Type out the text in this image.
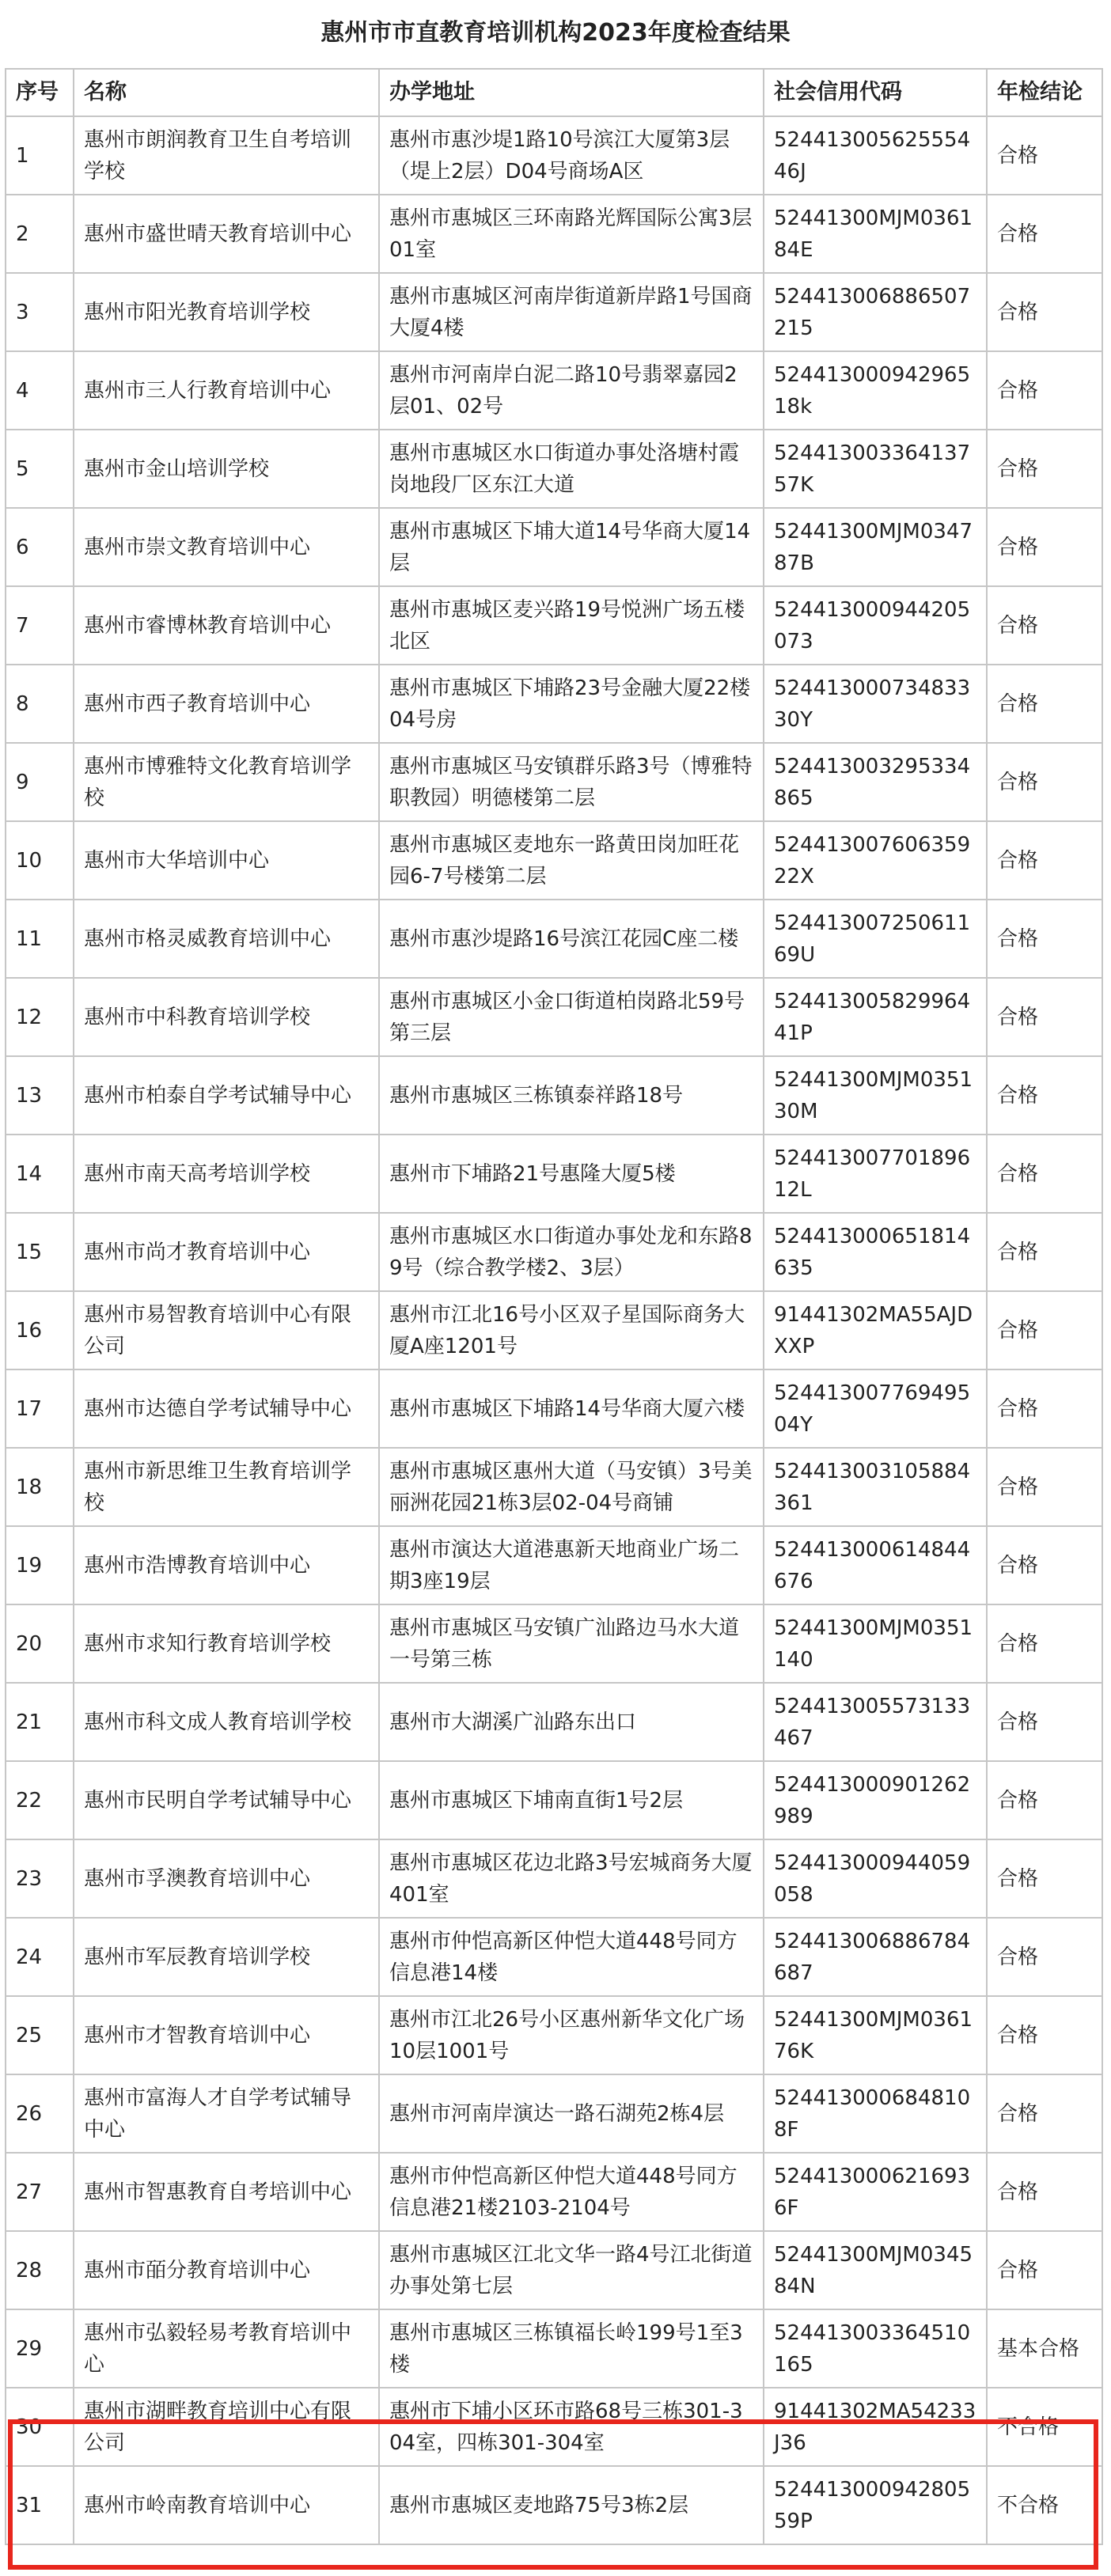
惠州市市直教育培训机构2023年度检查结果
序号	名称	办学地址	社会信用代码	年检结论
1	惠州市朗润教育卫生自考培训学校	惠州市惠沙堤1路10号滨江大厦第3层（堤上2层）D04号商场A区	52441300562555446J	合格
2	惠州市盛世晴天教育培训中心	惠州市惠城区三环南路光辉国际公寓3层01室	52441300MJM036184E	合格
3	惠州市阳光教育培训学校	惠州市惠城区河南岸街道新岸路1号国商大厦4楼	524413006886507215	合格
4	惠州市三人行教育培训中心	惠州市河南岸白泥二路10号翡翠嘉园2层01、02号	52441300094296518k	合格
5	惠州市金山培训学校	惠州市惠城区水口街道办事处洛塘村霞岗地段厂区东江大道	52441300336413757K	合格
6	惠州市崇文教育培训中心	惠州市惠城区下埔大道14号华商大厦14层	52441300MJM034787B	合格
7	惠州市睿博林教育培训中心	惠州市惠城区麦兴路19号悦洲广场五楼北区	524413000944205073	合格
8	惠州市西子教育培训中心	惠州市惠城区下埔路23号金融大厦22楼04号房	52441300073483330Y	合格
9	惠州市博雅特文化教育培训学校	惠州市惠城区马安镇群乐路3号（博雅特职教园）明德楼第二层	524413003295334865	合格
10	惠州市大华培训中心	惠州市惠城区麦地东一路黄田岗加旺花园6-7号楼第二层	52441300760635922X	合格
11	惠州市格灵威教育培训中心	惠州市惠沙堤路16号滨江花园C座二楼	52441300725061169U	合格
12	惠州市中科教育培训学校	惠州市惠城区小金口街道柏岗路北59号第三层	52441300582996441P	合格
13	惠州市柏泰自学考试辅导中心	惠州市惠城区三栋镇泰祥路18号	52441300MJM035130M	合格
14	惠州市南天高考培训学校	惠州市下埔路21号惠隆大厦5楼	52441300770189612L	合格
15	惠州市尚才教育培训中心	惠州市惠城区水口街道办事处龙和东路89号（综合教学楼2、3层）	524413000651814635	合格
16	惠州市易智教育培训中心有限公司	惠州市江北16号小区双子星国际商务大厦A座1201号	91441302MA55AJDXXP	合格
17	惠州市达德自学考试辅导中心	惠州市惠城区下埔路14号华商大厦六楼	52441300776949504Y	合格
18	惠州市新思维卫生教育培训学校	惠州市惠城区惠州大道（马安镇）3号美丽洲花园21栋3层02-04号商铺	524413003105884361	合格
19	惠州市浩博教育培训中心	惠州市演达大道港惠新天地商业广场二期3座19层	524413000614844676	合格
20	惠州市求知行教育培训学校	惠州市惠城区马安镇广汕路边马水大道一号第三栋	52441300MJM0351140	合格
21	惠州市科文成人教育培训学校	惠州市大湖溪广汕路东出口	524413005573133467	合格
22	惠州市民明自学考试辅导中心	惠州市惠城区下埔南直街1号2层	524413000901262989	合格
23	惠州市孚澳教育培训中心	惠州市惠城区花边北路3号宏城商务大厦401室	524413000944059058	合格
24	惠州市军辰教育培训学校	惠州市仲恺高新区仲恺大道448号同方信息港14楼	524413006886784687	合格
25	惠州市才智教育培训中心	惠州市江北26号小区惠州新华文化广场10层1001号	52441300MJM036176K	合格
26	惠州市富海人才自学考试辅导中心	惠州市河南岸演达一路石湖苑2栋4层	5244130006848108F	合格
27	惠州市智惠教育自考培训中心	惠州市仲恺高新区仲恺大道448号同方信息港21楼2103-2104号	5244130006216936F	合格
28	惠州市皕分教育培训中心	惠州市惠城区江北文华一路4号江北街道办事处第七层	52441300MJM034584N	合格
29	惠州市弘毅轻易考教育培训中心	惠州市惠城区三栋镇福长岭199号1至3楼	524413003364510165	基本合格
30	惠州市湖畔教育培训中心有限公司	惠州市下埔小区环市路68号三栋301-304室，四栋301-304室	91441302MA54233J36	不合格
31	惠州市岭南教育培训中心	惠州市惠城区麦地路75号3栋2层	52441300094280559P	不合格
